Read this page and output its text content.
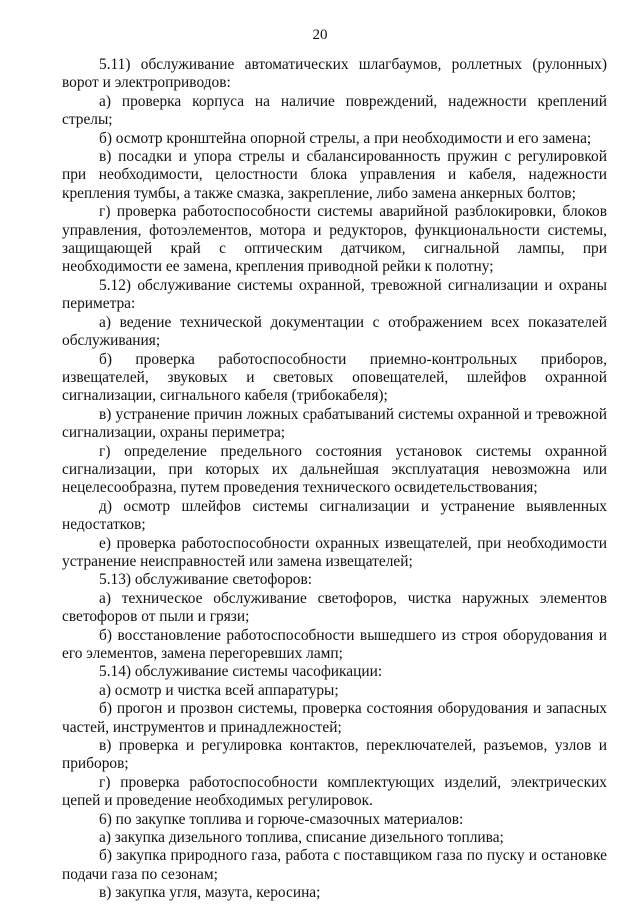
20

5.11) обслуживание автоматических шлагбаумов, роллетных (рулонных) ворот и электроприводов:

а) проверка корпуса на наличие повреждений, надежности креплений стрелы;

б) осмотр кронштейна опорной стрелы, а при необходимости и его замена;

в) посадки и упора стрелы и сбалансированность пружин с регулировкой при необходимости, целостности блока управления и кабеля, надежности крепления тумбы, а также смазка, закрепление, либо замена анкерных болтов;

г) проверка работоспособности системы аварийной разблокировки, блоков управления, фотоэлементов, мотора и редукторов, функциональности системы, защищающей край с оптическим датчиком, сигнальной лампы, при необходимости ее замена, крепления приводной рейки к полотну;

5.12) обслуживание системы охранной, тревожной сигнализации и охраны периметра:

а) ведение технической документации с отображением всех показателей обслуживания;

б) проверка работоспособности приемно-контрольных приборов, извещателей, звуковых и световых оповещателей, шлейфов охранной сигнализации, сигнального кабеля (трибокабеля);

в) устранение причин ложных срабатываний системы охранной и тревожной сигнализации, охраны периметра;

г) определение предельного состояния установок системы охранной сигнализации, при которых их дальнейшая эксплуатация невозможна или нецелесообразна, путем проведения технического освидетельствования;

д) осмотр шлейфов системы сигнализации и устранение выявленных недостатков;

е) проверка работоспособности охранных извещателей, при необходимости устранение неисправностей или замена извещателей;

5.13) обслуживание светофоров:

а) техническое обслуживание светофоров, чистка наружных элементов светофоров от пыли и грязи;

б) восстановление работоспособности вышедшего из строя оборудования и его элементов, замена перегоревших ламп;

5.14) обслуживание системы часофикации:

а) осмотр и чистка всей аппаратуры;

б) прогон и прозвон системы, проверка состояния оборудования и запасных частей, инструментов и принадлежностей;

в) проверка и регулировка контактов, переключателей, разъемов, узлов и приборов;

г) проверка работоспособности комплектующих изделий, электрических цепей и проведение необходимых регулировок.

6) по закупке топлива и горюче-смазочных материалов:

а) закупка дизельного топлива, списание дизельного топлива;

б) закупка природного газа, работа с поставщиком газа по пуску и остановке подачи газа по сезонам;

в) закупка угля, мазута, керосина;
